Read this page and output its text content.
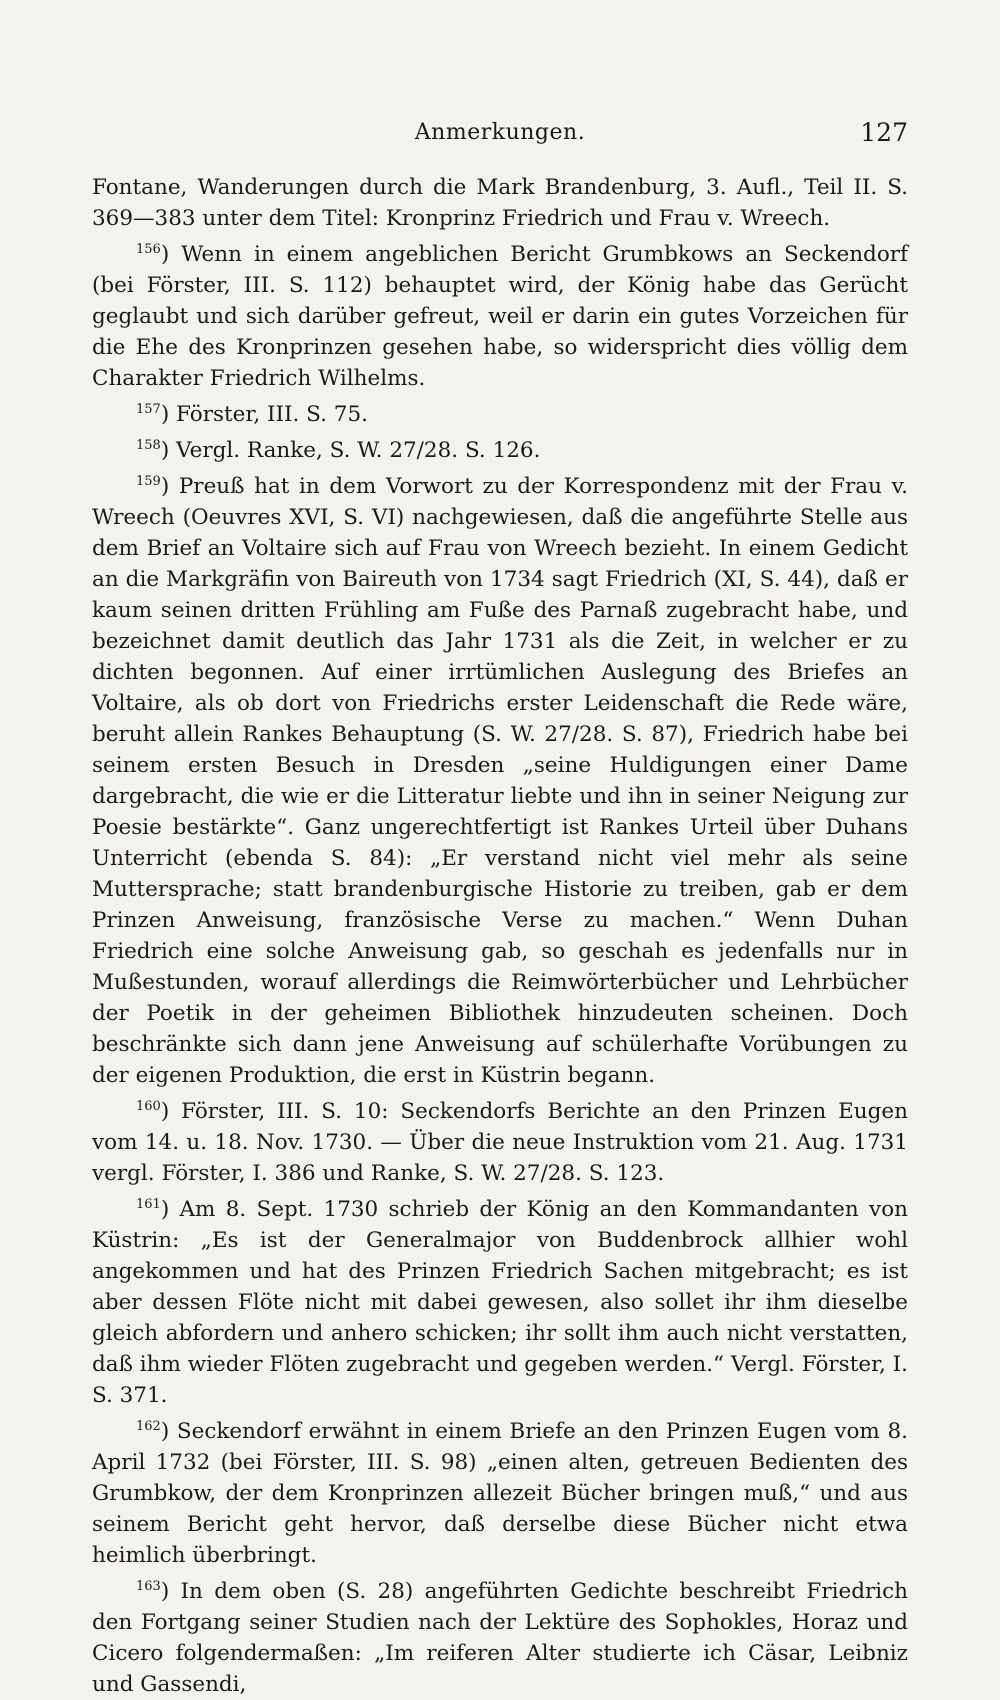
Anmerkungen.	127

Fontane, Wanderungen durch die Mark Brandenburg, 3. Aufl., Teil II. S. 369—383 unter dem Titel: Kronprinz Friedrich und Frau v. Wreech.

$^{156}$) Wenn in einem angeblichen Bericht Grumbkows an Seckendorf (bei Förster, III. S. 112) behauptet wird, der König habe das Gerücht geglaubt und sich darüber gefreut, weil er darin ein gutes Vorzeichen für die Ehe des Kronprinzen gesehen habe, so widerspricht dies völlig dem Charakter Friedrich Wilhelms.

$^{157}$) Förster, III. S. 75.

$^{158}$) Vergl. Ranke, S. W. 27/28. S. 126.

$^{159}$) Preuß hat in dem Vorwort zu der Korrespondenz mit der Frau v. Wreech (Oeuvres XVI, S. VI) nachgewiesen, daß die angeführte Stelle aus dem Brief an Voltaire sich auf Frau von Wreech bezieht. In einem Gedicht an die Markgräfin von Baireuth von 1734 sagt Friedrich (XI, S. 44), daß er kaum seinen dritten Frühling am Fuße des Parnaß zugebracht habe, und bezeichnet damit deutlich das Jahr 1731 als die Zeit, in welcher er zu dichten begonnen. Auf einer irrtümlichen Auslegung des Briefes an Voltaire, als ob dort von Friedrichs erster Leidenschaft die Rede wäre, beruht allein Rankes Behauptung (S. W. 27/28. S. 87), Friedrich habe bei seinem ersten Besuch in Dresden „seine Huldigungen einer Dame dargebracht, die wie er die Litteratur liebte und ihn in seiner Neigung zur Poesie bestärkte“. Ganz ungerechtfertigt ist Rankes Urteil über Duhans Unterricht (ebenda S. 84): „Er verstand nicht viel mehr als seine Muttersprache; statt brandenburgische Historie zu treiben, gab er dem Prinzen Anweisung, französische Verse zu machen.“ Wenn Duhan Friedrich eine solche Anweisung gab, so geschah es jedenfalls nur in Mußestunden, worauf allerdings die Reimwörterbücher und Lehrbücher der Poetik in der geheimen Bibliothek hinzudeuten scheinen. Doch beschränkte sich dann jene Anweisung auf schülerhafte Vorübungen zu der eigenen Produktion, die erst in Küstrin begann.

$^{160}$) Förster, III. S. 10: Seckendorfs Berichte an den Prinzen Eugen vom 14. u. 18. Nov. 1730. — Über die neue Instruktion vom 21. Aug. 1731 vergl. Förster, I. 386 und Ranke, S. W. 27/28. S. 123.

$^{161}$) Am 8. Sept. 1730 schrieb der König an den Kommandanten von Küstrin: „Es ist der Generalmajor von Buddenbrock allhier wohl angekommen und hat des Prinzen Friedrich Sachen mitgebracht; es ist aber dessen Flöte nicht mit dabei gewesen, also sollet ihr ihm dieselbe gleich abfordern und anhero schicken; ihr sollt ihm auch nicht verstatten, daß ihm wieder Flöten zugebracht und gegeben werden.“ Vergl. Förster, I. S. 371.

$^{162}$) Seckendorf erwähnt in einem Briefe an den Prinzen Eugen vom 8. April 1732 (bei Förster, III. S. 98) „einen alten, getreuen Bedienten des Grumbkow, der dem Kronprinzen allezeit Bücher bringen muß,“ und aus seinem Bericht geht hervor, daß derselbe diese Bücher nicht etwa heimlich überbringt.

$^{163}$) In dem oben (S. 28) angeführten Gedichte beschreibt Friedrich den Fortgang seiner Studien nach der Lektüre des Sophokles, Horaz und Cicero folgendermaßen: „Im reiferen Alter studierte ich Cäsar, Leibniz und Gassendi,
